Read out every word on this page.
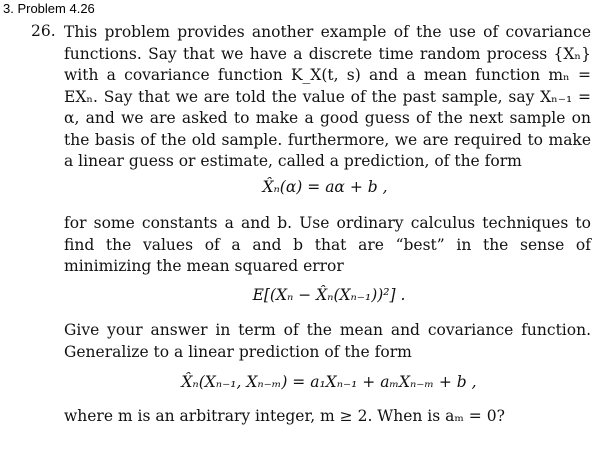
3. Problem 4.26
26. This problem provides another example of the use of covariance functions. Say that we have a discrete time random process {Xₙ} with a covariance function K_X(t, s) and a mean function mₙ = EXₙ. Say that we are told the value of the past sample, say Xₙ₋₁ = α, and we are asked to make a good guess of the next sample on the basis of the old sample. furthermore, we are required to make a linear guess or estimate, called a prediction, of the form
X̂ₙ(α) = aα + b ,
for some constants a and b. Use ordinary calculus techniques to find the values of a and b that are “best” in the sense of minimizing the mean squared error
E[(Xₙ − X̂ₙ(Xₙ₋₁))²] .
Give your answer in term of the mean and covariance function. Generalize to a linear prediction of the form
X̂ₙ(Xₙ₋₁, Xₙ₋ₘ) = a₁Xₙ₋₁ + aₘXₙ₋ₘ + b ,
where m is an arbitrary integer, m ≥ 2. When is aₘ = 0?
